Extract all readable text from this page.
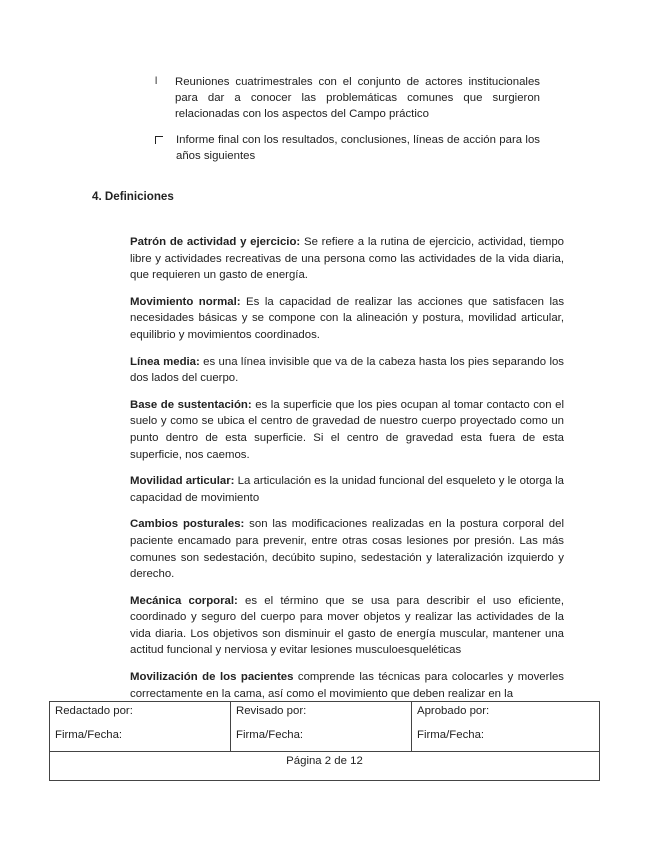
l	Reuniones cuatrimestrales con el conjunto de actores institucionales para dar a conocer las problemáticas comunes que surgieron relacionadas con los aspectos del Campo práctico
Informe final con los resultados, conclusiones, líneas de acción para los años siguientes
4. Definiciones

Patrón de actividad y ejercicio: Se refiere a la rutina de ejercicio, actividad, tiempo libre y actividades recreativas de una persona como las actividades de la vida diaria, que requieren un gasto de energía.

Movimiento normal: Es la capacidad de realizar las acciones que satisfacen las necesidades básicas y se compone con la alineación y postura, movilidad articular, equilibrio y movimientos coordinados.

Línea media: es una línea invisible que va de la cabeza hasta los pies separando los dos lados del cuerpo.

Base de sustentación: es la superficie que los pies ocupan al tomar contacto con el suelo y como se ubica el centro de gravedad de nuestro cuerpo proyectado como un punto dentro de esta superficie. Si el centro de gravedad esta fuera de esta superficie, nos caemos.

Movilidad articular: La articulación es la unidad funcional del esqueleto y le otorga la capacidad de movimiento

Cambios posturales: son las modificaciones realizadas en la postura corporal del paciente encamado para prevenir, entre otras cosas lesiones por presión. Las más comunes son sedestación, decúbito supino, sedestación y lateralización izquierdo y derecho.

Mecánica corporal: es el término que se usa para describir el uso eficiente, coordinado y seguro del cuerpo para mover objetos y realizar las actividades de la vida diaria. Los objetivos son disminuir el gasto de energía muscular, mantener una actitud funcional y nerviosa y evitar lesiones musculoesqueléticas

Movilización de los pacientes comprende las técnicas para colocarles y moverles correctamente en la cama, así como el movimiento que deben realizar en la

Redactado por:
Firma/Fecha:

Revisado por:
Firma/Fecha:

Aprobado por:
Firma/Fecha:

Página 2 de 12
